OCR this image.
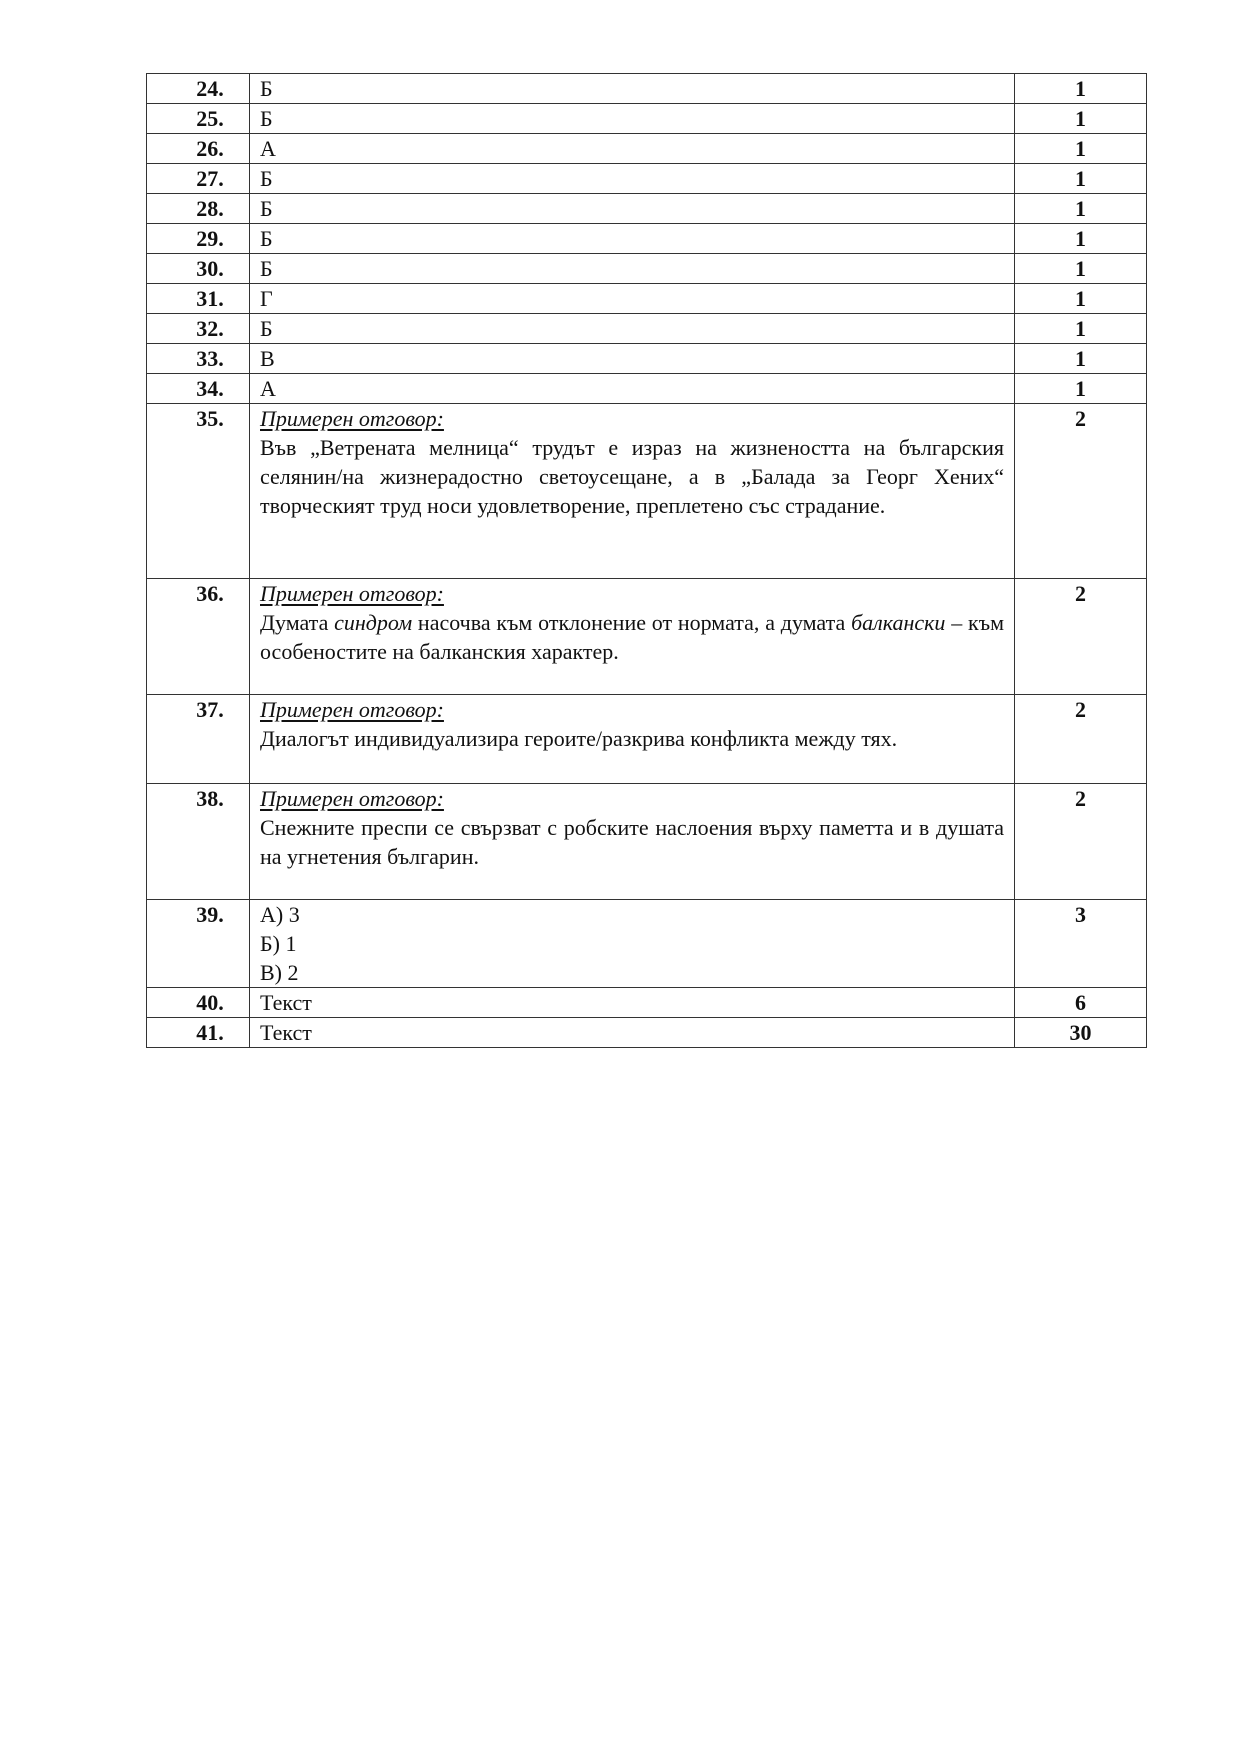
24.	Б	1
25.	Б	1
26.	А	1
27.	Б	1
28.	Б	1
29.	Б	1
30.	Б	1
31.	Г	1
32.	Б	1
33.	В	1
34.	А	1
35.	Примерен отговор:
Във „Ветрената мелница“ трудът е израз на жизнеността на българския селянин/на жизнерадостно светоусещане, а в „Балада за Георг Хених“ творческият труд носи удовлетворение, преплетено със страдание.	2
36.	Примерен отговор:
Думата синдром насочва към отклонение от нормата, а думата балкански – към особеностите на балканския характер.	2
37.	Примерен отговор:
Диалогът индивидуализира героите/разкрива конфликта между тях.	2
38.	Примерен отговор:
Снежните преспи се свързват с робските наслоения върху паметта и в душата на угнетения българин.	2
39.	А) 3
Б) 1
В) 2	3
40.	Текст	6
41.	Текст	30
